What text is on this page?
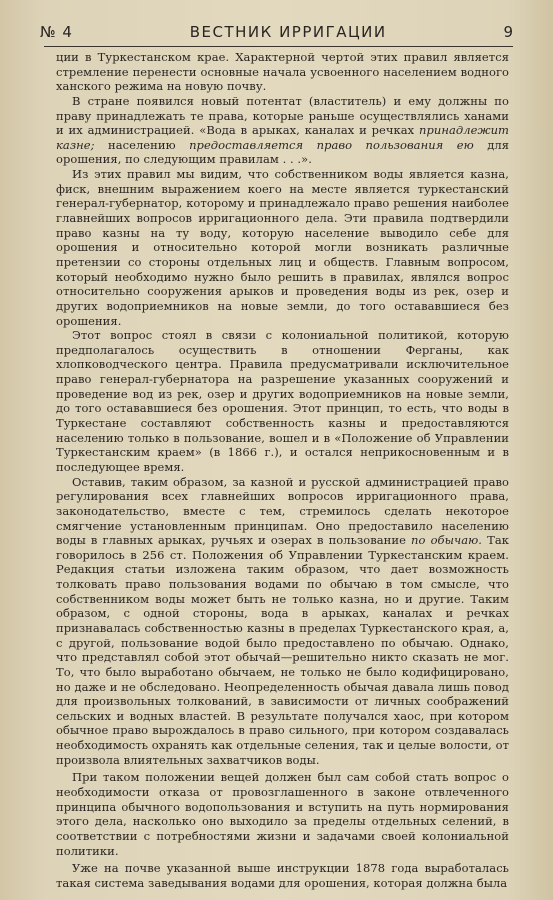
№ 4	ВЕСТНИК ИРРИГАЦИИ	9

ции в Туркестанском крае. Характерной чертой этих правил является стремление перенести основные начала усвоенного населением водного ханского режима на новую почву.

В стране появился новый потентат (властитель) и ему должны по праву принадлежать те права, которые раньше осуществлялись ханами и их администрацией. «Вода в арыках, каналах и речках принадлежит казне; населению предоставляется право пользования ею для орошения, по следующим правилам . . .».

Из этих правил мы видим, что собственником воды является казна, фиск, внешним выражением коего на месте является туркестанский генерал-губернатор, которому и принадлежало право решения наиболее главнейших вопросов ирригационного дела. Эти правила подтвердили право казны на ту воду, которую население выводило себе для орошения и относительно которой могли возникать различные претензии со стороны отдельных лиц и обществ. Главным вопросом, который необходимо нужно было решить в правилах, являлся вопрос относительно сооружения арыков и проведения воды из рек, озер и других водоприемников на новые земли, до того остававшиеся без орошения.

Этот вопрос стоял в связи с колониальной политикой, которую предполагалось осуществить в отношении Ферганы, как хлопководческого центра. Правила предусматривали исключительное право генерал-губернатора на разрешение указанных сооружений и проведение вод из рек, озер и других водоприемников на новые земли, до того остававшиеся без орошения. Этот принцип, то есть, что воды в Туркестане составляют собственность казны и предоставляются населению только в пользование, вошел и в «Положение об Управлении Туркестанским краем» (в 1866 г.), и остался неприкосновенным и в последующее время.

Оставив, таким образом, за казной и русской администрацией право регулирования всех главнейших вопросов ирригационного права, законодательство, вместе с тем, стремилось сделать некоторое смягчение установленным принципам. Оно предоставило населению воды в главных арыках, ручьях и озерах в пользование по обычаю. Так говорилось в 256 ст. Положения об Управлении Туркестанским краем. Редакция статьи изложена таким образом, что дает возможность толковать право пользования водами по обычаю в том смысле, что собственником воды может быть не только казна, но и другие. Таким образом, с одной стороны, вода в арыках, каналах и речках признавалась собственностью казны в пределах Туркестанского края, а, с другой, пользование водой было предоставлено по обычаю. Однако, что представлял собой этот обычай—решительно никто сказать не мог. То, что было выработано обычаем, не только не было кодифицировано, но даже и не обследовано. Неопределенность обычая давала лишь повод для произвольных толкований, в зависимости от личных соображений сельских и водных властей. В результате получался хаос, при котором обычное право вырождалось в право сильного, при котором создавалась необходимость охранять как отдельные селения, так и целые волости, от произвола влиятельных захватчиков воды.

При таком положении вещей должен был сам собой стать вопрос о необходимости отказа от провозглашенного в законе отвлеченного принципа обычного водопользования и вступить на путь нормирования этого дела, насколько оно выходило за пределы отдельных селений, в соответствии с потребностями жизни и задачами своей колониальной политики.

Уже на почве указанной выше инструкции 1878 года выработалась такая система заведывания водами для орошения, которая должна была
